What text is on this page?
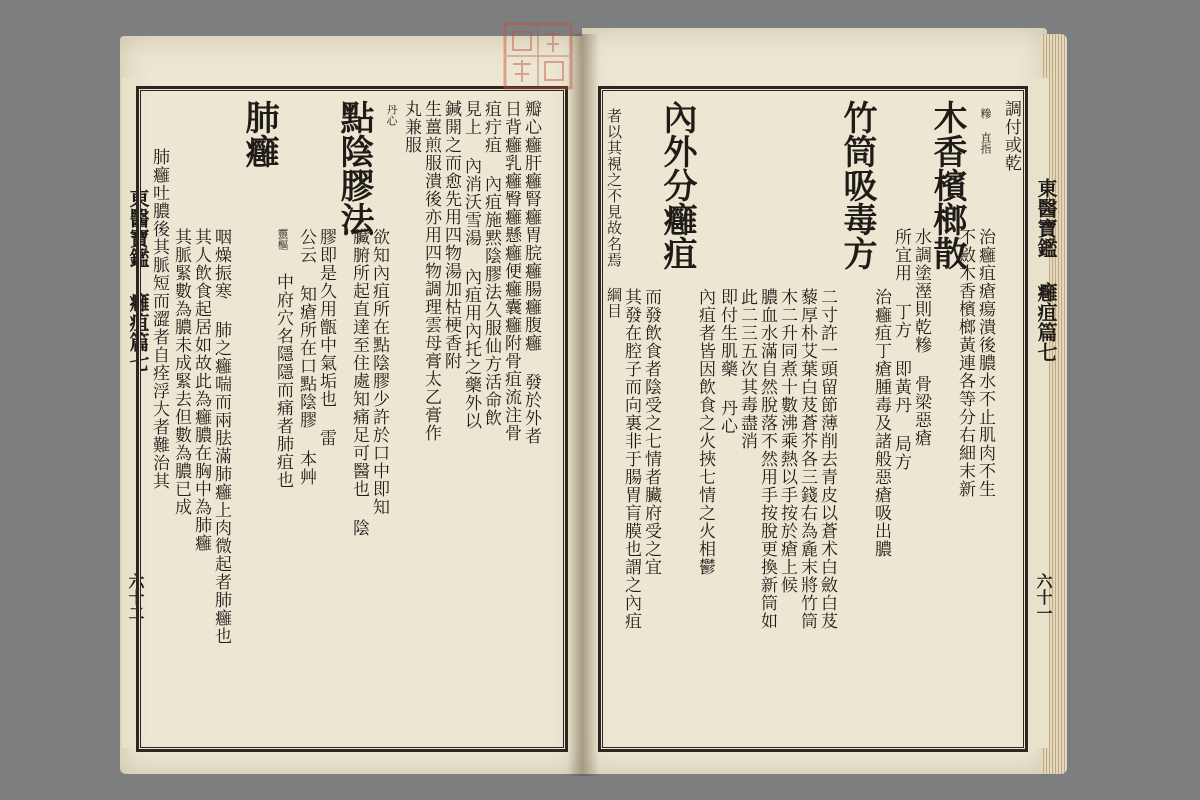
東醫寶鑑 癰疽篇七
六十二
東醫寶鑑 癰疽篇七
六十一
瓣心癰肝癰腎癰胃脘癰腸癰腹癰 發於外者
日背癰乳癰臀癰懸癰便癰囊癰附骨疽流注骨
疽疔疽 內疽施黙陰膠法久服仙方活命飲
見上 內消沃雪湯 內疽用內托之藥外以
鍼開之而愈先用四物湯加枯梗香附
生薑煎服潰後亦用四物調理雲母膏太乙膏作
丸兼服
丹心
點陰膠法
欲知內疽所在點陰膠少許於口中即知
臟腑所起直達至住處知痛足可醫也 陰
膠即是久用甑中氣垢也 雷
公云 知瘡所在口點陰膠 本艸
肺癰
靈樞
中府穴名隱隱而痛者肺疽也
咽燥振寒 肺之癰喘而兩胠滿肺癰上肉微起者肺癰也
其人飲食起居如故此為癰膿在胸中為肺癰
其脈緊數為膿未成緊去但數為膿已成
肺癰吐膿後其脈短而澀者自痊浮大者難治其
調付或乾
糝 直指
木香檳榔散
治癰疽瘡瘍潰後膿水不止肌肉不生
不斂木香檳榔黃連各等分右細末新
水調塗溼則乾糝 骨梁惡瘡
所宜用 丁方 即黃丹 局方
竹筒吸毒方
治癰疽丁瘡腫毒及諸般惡瘡吸出膿
二寸許一頭留節薄削去青皮以蒼术白斂白芨
藜厚朴艾葉白芨蒼芥各三錢右為麁末將竹筒
木二升同煮十數沸乘熱以手按於瘡上候
膿血水滿自然脫落不然用手按脫更換新筒如
此二三五次其毒盡消
即付生肌藥 丹心
內外分癰疽
內疽者皆因飲食之火挾七情之火相鬱
而發飲食者陰受之七情者臟府受之宜
其發在腔子而向裏非于腸胃肓膜也謂之內疽
者以其視之不見故名焉 綱目
